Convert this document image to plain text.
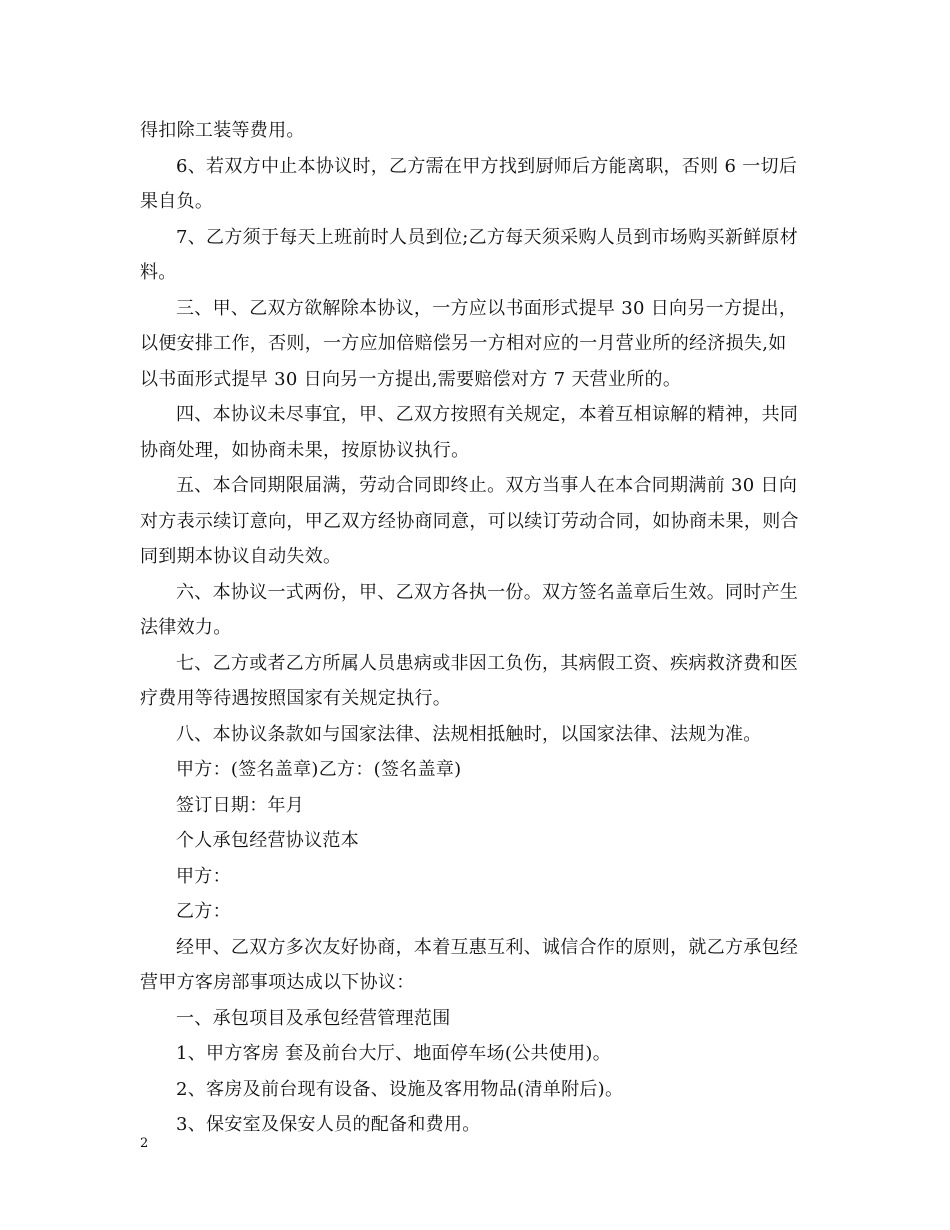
得扣除工装等费用。
6、若双方中止本协议时，乙方需在甲方找到厨师后方能离职，否则 6 一切后
果自负。
7、乙方须于每天上班前时人员到位;乙方每天须采购人员到市场购买新鲜原材
料。
三、甲、乙双方欲解除本协议，一方应以书面形式提早 30 日向另一方提出，
以便安排工作，否则，一方应加倍赔偿另一方相对应的一月营业所的经济损失,如
以书面形式提早 30 日向另一方提出,需要赔偿对方 7 天营业所的。
四、本协议未尽事宜，甲、乙双方按照有关规定，本着互相谅解的精神，共同
协商处理，如协商未果，按原协议执行。
五、本合同期限届满，劳动合同即终止。双方当事人在本合同期满前 30 日向
对方表示续订意向，甲乙双方经协商同意，可以续订劳动合同，如协商未果，则合
同到期本协议自动失效。
六、本协议一式两份，甲、乙双方各执一份。双方签名盖章后生效。同时产生
法律效力。
七、乙方或者乙方所属人员患病或非因工负伤，其病假工资、疾病救济费和医
疗费用等待遇按照国家有关规定执行。
八、本协议条款如与国家法律、法规相抵触时，以国家法律、法规为准。
甲方：(签名盖章)乙方：(签名盖章)
签订日期：年月
个人承包经营协议范本
甲方：
乙方：
经甲、乙双方多次友好协商，本着互惠互利、诚信合作的原则，就乙方承包经
营甲方客房部事项达成以下协议：
一、承包项目及承包经营管理范围
1、甲方客房 套及前台大厅、地面停车场(公共使用)。
2、客房及前台现有设备、设施及客用物品(清单附后)。
3、保安室及保安人员的配备和费用。
2
